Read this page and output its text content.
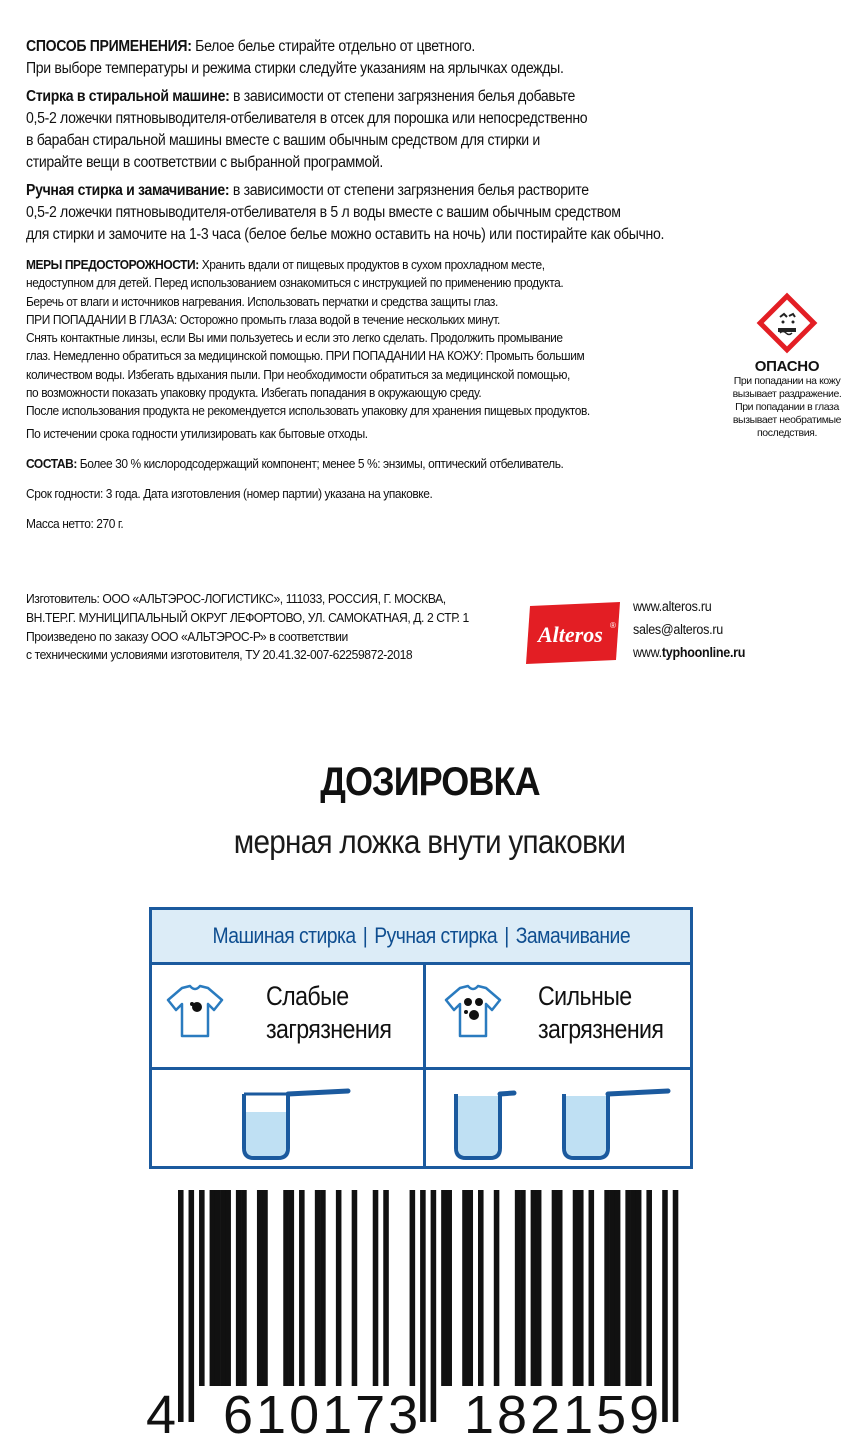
СПОСОБ ПРИМЕНЕНИЯ: Белое белье стирайте отдельно от цветного.

При выборе температуры и режима стирки следуйте указаниям на ярлычках одежды.

Стирка в стиральной машине: в зависимости от степени загрязнения белья добавьте

0,5-2 ложечки пятновыводителя-отбеливателя в отсек для порошка или непосредственно

в барабан стиральной машины вместе с вашим обычным средством для стирки и

стирайте вещи в соответствии с выбранной программой.

Ручная стирка и замачивание: в зависимости от степени загрязнения белья растворите

0,5-2 ложечки пятновыводителя-отбеливателя в 5 л воды вместе с вашим обычным средством

для стирки и замочите на 1-3 часа (белое белье можно оставить на ночь) или постирайте как обычно.

МЕРЫ ПРЕДОСТОРОЖНОСТИ: Хранить вдали от пищевых продуктов в сухом прохладном месте,

недоступном для детей. Перед использованием ознакомиться с инструкцией по применению продукта.

Беречь от влаги и источников нагревания. Использовать перчатки и средства защиты глаз.

ПРИ ПОПАДАНИИ В ГЛАЗА: Осторожно промыть глаза водой в течение нескольких минут.

Снять контактные линзы, если Вы ими пользуетесь и если это легко сделать. Продолжить промывание

глаз. Немедленно обратиться за медицинской помощью. ПРИ ПОПАДАНИИ НА КОЖУ: Промыть большим

количеством воды. Избегать вдыхания пыли. При необходимости обратиться за медицинской помощью,

по возможности показать упаковку продукта. Избегать попадания в окружающую среду.

После использования продукта не рекомендуется использовать упаковку для хранения пищевых продуктов.

По истечении срока годности утилизировать как бытовые отходы.

СОСТАВ: Более 30 % кислородсодержащий компонент; менее 5 %: энзимы, оптический отбеливатель.

Срок годности: 3 года. Дата изготовления (номер партии) указана на упаковке.

Масса нетто: 270 г.

ОПАСНО
При попадании на кожу
вызывает раздражение.
При попадании в глаза
вызывает необратимые
последствия.

Изготовитель: ООО «АЛЬТЭРОС-ЛОГИСТИКС», 111033, РОССИЯ, Г. МОСКВА,

ВН.ТЕР.Г. МУНИЦИПАЛЬНЫЙ ОКРУГ ЛЕФОРТОВО, УЛ. САМОКАТНАЯ, Д. 2 СТР. 1

Произведено по заказу ООО «АЛЬТЭРОС-Р» в соответствии

с техническими условиями изготовителя, ТУ 20.41.32-007-62259872-2018

Alteros ®
www.alteros.ru
sales@alteros.ru
www.typhoonline.ru
ДОЗИРОВКА
мерная ложка внути упаковки
Машиная стирка | Ручная стирка | Замачивание
Слабые
загрязнения
Сильные
загрязнения
4 610173 182159
